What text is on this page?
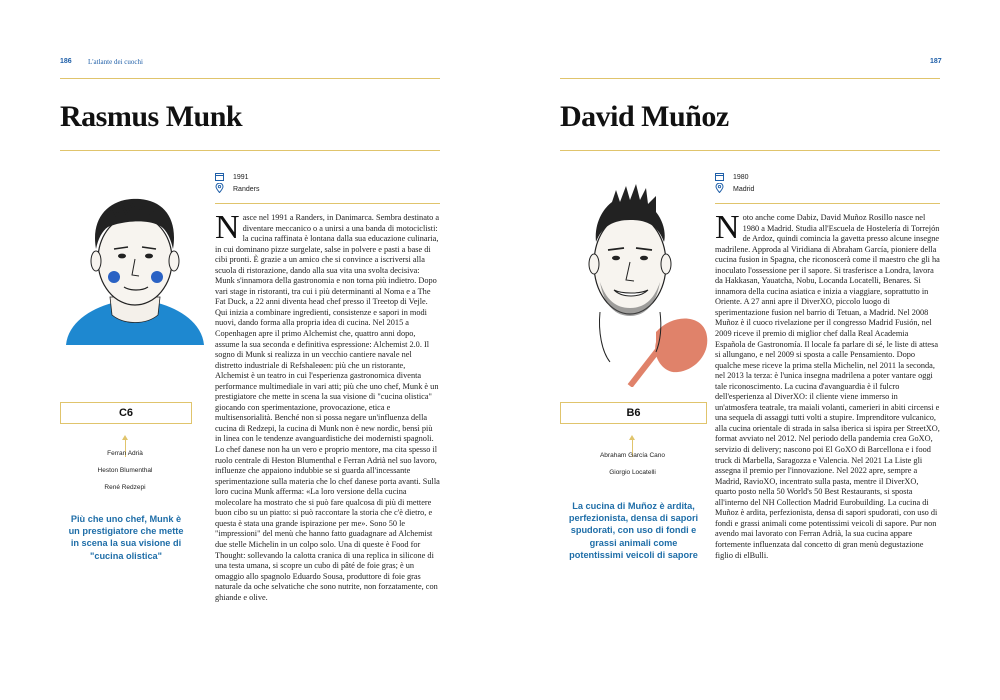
186 L'atlante dei cuochi
Rasmus Munk
1991
Randers
C6
Ferran Adrià
Heston Blumenthal
René Redzepi

Più che uno chef, Munk è un prestigiatore che mette in scena la sua visione di "cucina olistica"

Nasce nel 1991 a Randers, in Danimarca. Sembra destinato a diventare meccanico o a unirsi a una banda di motociclisti: la cucina raffinata è lontana dalla sua educazione culinaria, in cui dominano pizze surgelate, salse in polvere e pasti a base di cibi pronti. È grazie a un amico che si convince a iscriversi alla scuola di ristorazione, dando alla sua vita una svolta decisiva: Munk s'innamora della gastronomia e non torna più indietro. Dopo vari stage in ristoranti, tra cui i più determinanti al Noma e a The Fat Duck, a 22 anni diventa head chef presso il Treetop di Vejle. Qui inizia a combinare ingredienti, consistenze e sapori in modi nuovi, dando forma alla propria idea di cucina. Nel 2015 a Copenhagen apre il primo Alchemist che, quattro anni dopo, assume la sua seconda e definitiva espressione: Alchemist 2.0. Il sogno di Munk si realizza in un vecchio cantiere navale nel distretto industriale di Refshaleøen: più che un ristorante, Alchemist è un teatro in cui l'esperienza gastronomica diventa performance multimediale in vari atti; più che uno chef, Munk è un prestigiatore che mette in scena la sua visione di "cucina olistica" giocando con sperimentazione, provocazione, etica e multisensorialità. Benché non si possa negare un'influenza della cucina di Redzepi, la cucina di Munk non è new nordic, bensì più in linea con le tendenze avanguardistiche dei modernisti spagnoli. Lo chef danese non ha un vero e proprio mentore, ma cita spesso il ruolo centrale di Heston Blumenthal e Ferran Adrià nel suo lavoro, influenze che appaiono indubbie se si guarda all'incessante sperimentazione sulla materia che lo chef danese porta avanti. Sulla loro cucina Munk afferma: «La loro versione della cucina molecolare ha mostrato che si può fare qualcosa di più di mettere buon cibo su un piatto: si può raccontare la storia che c'è dietro, e questa è stata una grande ispirazione per me». Sono 50 le "impressioni" del menù che hanno fatto guadagnare ad Alchemist due stelle Michelin in un colpo solo. Una di queste è Food for Thought: sollevando la calotta cranica di una replica in silicone di una testa umana, si scopre un cubo di pâté de foie gras; è un omaggio allo spagnolo Eduardo Sousa, produttore di foie gras naturale da oche selvatiche che sono nutrite, non forzatamente, con ghiande e olive.

187
David Muñoz
1980
Madrid
B6
Abraham García Cano
Giorgio Locatelli

La cucina di Muñoz è ardita, perfezionista, densa di sapori spudorati, con uso di fondi e grassi animali come potentissimi veicoli di sapore

Noto anche come Dabiz, David Muñoz Rosillo nasce nel 1980 a Madrid. Studia all'Escuela de Hostelería di Torrejón de Ardoz, quindi comincia la gavetta presso alcune insegne madrilene. Approda al Viridiana di Abraham García, pioniere della cucina fusion in Spagna, che riconoscerà come il maestro che gli ha inoculato l'ossessione per il sapore. Si trasferisce a Londra, lavora da Hakkasan, Yauatcha, Nobu, Locanda Locatelli, Benares. Si innamora della cucina asiatica e inizia a viaggiare, soprattutto in Oriente. A 27 anni apre il DiverXO, piccolo luogo di sperimentazione fusion nel barrio di Tetuan, a Madrid. Nel 2008 Muñoz è il cuoco rivelazione per il congresso Madrid Fusión, nel 2009 riceve il premio di miglior chef dalla Real Academia Española de Gastronomía. Il locale fa parlare di sé, le liste di attesa si allungano, e nel 2009 si sposta a calle Pensamiento. Dopo qualche mese riceve la prima stella Michelin, nel 2011 la seconda, nel 2013 la terza: è l'unica insegna madrilena a poter vantare oggi tale riconoscimento. La cucina d'avanguardia è il fulcro dell'esperienza al DiverXO: il cliente viene immerso in un'atmosfera teatrale, tra maiali volanti, camerieri in abiti circensi e una sequela di assaggi tutti volti a stupire. Imprenditore vulcanico, alla cucina orientale di strada in salsa iberica si ispira per StreetXO, format avviato nel 2012. Nel periodo della pandemia crea GoXO, servizio di delivery; nascono poi El GoXO di Barcellona e i food truck di Marbella, Saragozza e Valencia. Nel 2021 La Liste gli assegna il premio per l'innovazione. Nel 2022 apre, sempre a Madrid, RavioXO, incentrato sulla pasta, mentre il DiverXO, quarto posto nella 50 World's 50 Best Restaurants, si sposta all'interno del NH Collection Madrid Eurobuilding. La cucina di Muñoz è ardita, perfezionista, densa di sapori spudorati, con uso di fondi e grassi animali come potentissimi veicoli di sapore. Pur non avendo mai lavorato con Ferran Adrià, la sua cucina appare fortemente influenzata dal concetto di gran menù degustazione figlio di elBulli.
